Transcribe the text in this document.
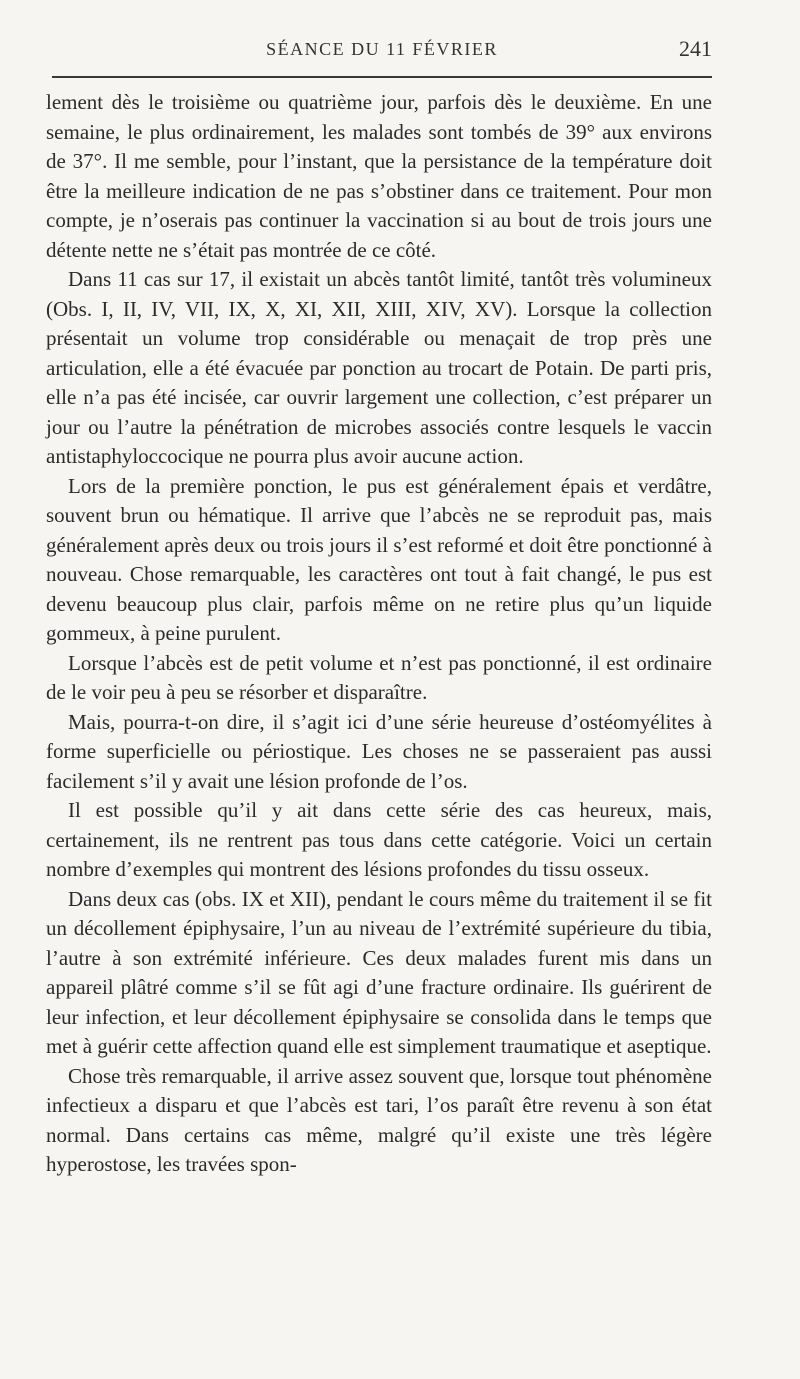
SÉANCE DU 11 FÉVRIER	241

lement dès le troisième ou quatrième jour, parfois dès le deuxième. En une semaine, le plus ordinairement, les malades sont tombés de 39° aux environs de 37°. Il me semble, pour l’instant, que la persistance de la température doit être la meilleure indication de ne pas s’obstiner dans ce traitement. Pour mon compte, je n’oserais pas continuer la vaccination si au bout de trois jours une détente nette ne s’était pas montrée de ce côté.

Dans 11 cas sur 17, il existait un abcès tantôt limité, tantôt très volumineux (Obs. I, II, IV, VII, IX, X, XI, XII, XIII, XIV, XV). Lorsque la collection présentait un volume trop considérable ou menaçait de trop près une articulation, elle a été évacuée par ponction au trocart de Potain. De parti pris, elle n’a pas été incisée, car ouvrir largement une collection, c’est préparer un jour ou l’autre la pénétration de microbes associés contre lesquels le vaccin antistaphyloccocique ne pourra plus avoir aucune action.

Lors de la première ponction, le pus est généralement épais et verdâtre, souvent brun ou hématique. Il arrive que l’abcès ne se reproduit pas, mais généralement après deux ou trois jours il s’est reformé et doit être ponctionné à nouveau. Chose remarquable, les caractères ont tout à fait changé, le pus est devenu beaucoup plus clair, parfois même on ne retire plus qu’un liquide gommeux, à peine purulent.

Lorsque l’abcès est de petit volume et n’est pas ponctionné, il est ordinaire de le voir peu à peu se résorber et disparaître.

Mais, pourra-t-on dire, il s’agit ici d’une série heureuse d’ostéomyélites à forme superficielle ou périostique. Les choses ne se passeraient pas aussi facilement s’il y avait une lésion profonde de l’os.

Il est possible qu’il y ait dans cette série des cas heureux, mais, certainement, ils ne rentrent pas tous dans cette catégorie. Voici un certain nombre d’exemples qui montrent des lésions profondes du tissu osseux.

Dans deux cas (obs. IX et XII), pendant le cours même du traitement il se fit un décollement épiphysaire, l’un au niveau de l’extrémité supérieure du tibia, l’autre à son extrémité inférieure. Ces deux malades furent mis dans un appareil plâtré comme s’il se fût agi d’une fracture ordinaire. Ils guérirent de leur infection, et leur décollement épiphysaire se consolida dans le temps que met à guérir cette affection quand elle est simplement traumatique et aseptique.

Chose très remarquable, il arrive assez souvent que, lorsque tout phénomène infectieux a disparu et que l’abcès est tari, l’os paraît être revenu à son état normal. Dans certains cas même, malgré qu’il existe une très légère hyperostose, les travées spon-
